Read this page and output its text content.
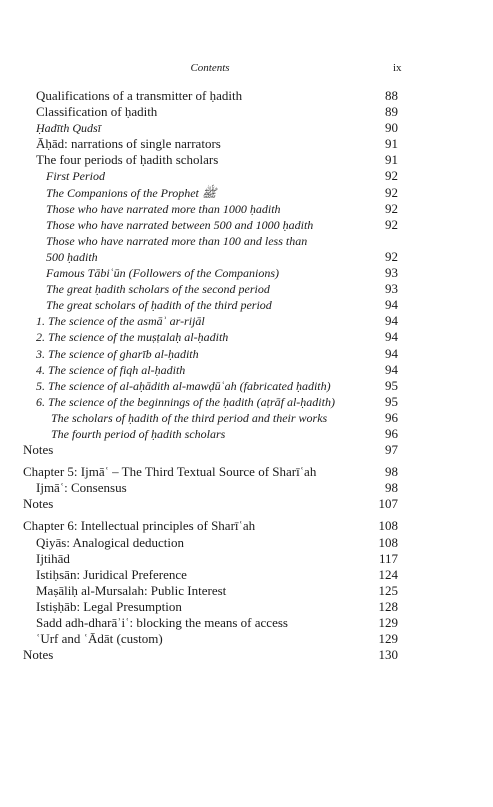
Contents	ix
Qualifications of a transmitter of ḥadith	88
Classification of ḥadith	89
Ḥadīth Qudsī	90
Āḥād: narrations of single narrators	91
The four periods of ḥadith scholars	91
First Period	92
The Companions of the Prophet ﷺ	92
Those who have narrated more than 1000 ḥadith	92
Those who have narrated between 500 and 1000 ḥadith	92
Those who have narrated more than 100 and less than
500 ḥadith	92
Famous Tābiʿūn (Followers of the Companions)	93
The great ḥadith scholars of the second period	93
The great scholars of ḥadith of the third period	94
1. The science of the asmāʾ ar-rijāl	94
2. The science of the muṣṭalaḥ al-ḥadith	94
3. The science of gharīb al-ḥadith	94
4. The science of fiqh al-ḥadith	94
5. The science of al-aḥādith al-mawḍūʿah (fabricated ḥadith)	95
6. The science of the beginnings of the ḥadith (aṭrāf al-ḥadith)	95
The scholars of ḥadith of the third period and their works	96
The fourth period of ḥadith scholars	96
Notes	97
Chapter 5: Ijmāʿ – The Third Textual Source of Sharīʿah	98
Ijmāʿ: Consensus	98
Notes	107
Chapter 6: Intellectual principles of Sharīʿah	108
Qiyās: Analogical deduction	108
Ijtihād	117
Istiḥsān: Juridical Preference	124
Maṣāliḥ al-Mursalah: Public Interest	125
Istiṣḥāb: Legal Presumption	128
Sadd adh-dharāʾiʿ: blocking the means of access	129
ʿUrf and ʿĀdāt (custom)	129
Notes	130
